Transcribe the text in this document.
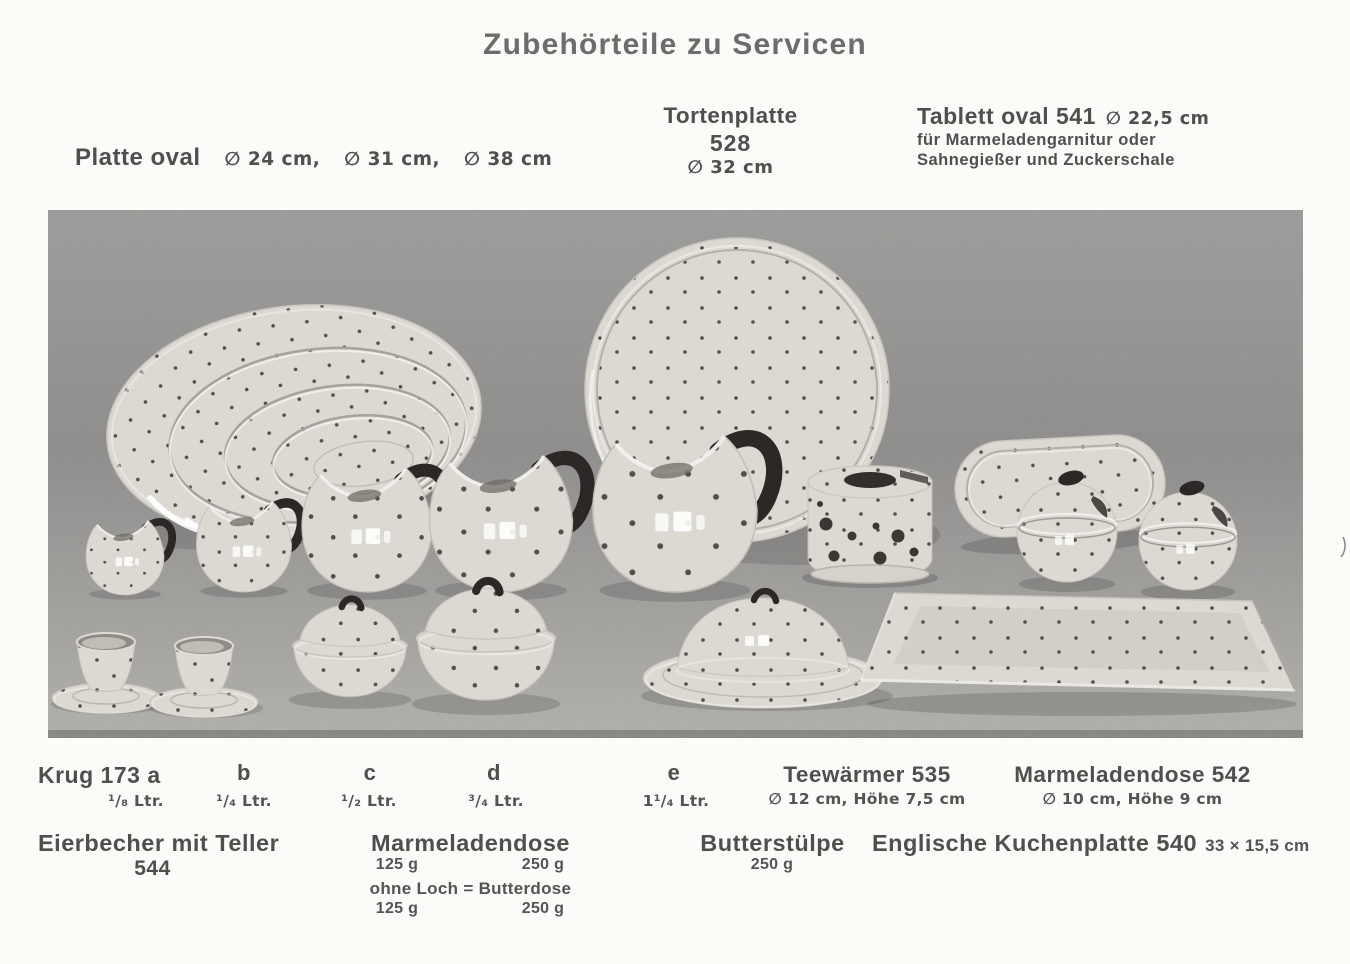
Zubehörteile zu Servicen
Platte oval ∅ 24 cm, ∅ 31 cm, ∅ 38 cm
Tortenplatte
528
∅ 32 cm
Tablett oval 541 ∅ 22,5 cm
für Marmeladengarnitur oder
Sahnegießer und Zuckerschale
Krug 173 a
¹/₈ Ltr.
b
¹/₄ Ltr.
c
¹/₂ Ltr.
d
³/₄ Ltr.
e
1¹/₄ Ltr.
Teewärmer 535
∅ 12 cm, Höhe 7,5 cm
Marmeladendose 542
∅ 10 cm, Höhe 9 cm
Eierbecher mit Teller
544
Marmeladendose
125 g	250 g
ohne Loch = Butterdose
125 g	250 g
Butterstülpe
250 g
Englische Kuchenplatte 540 33 × 15,5 cm
